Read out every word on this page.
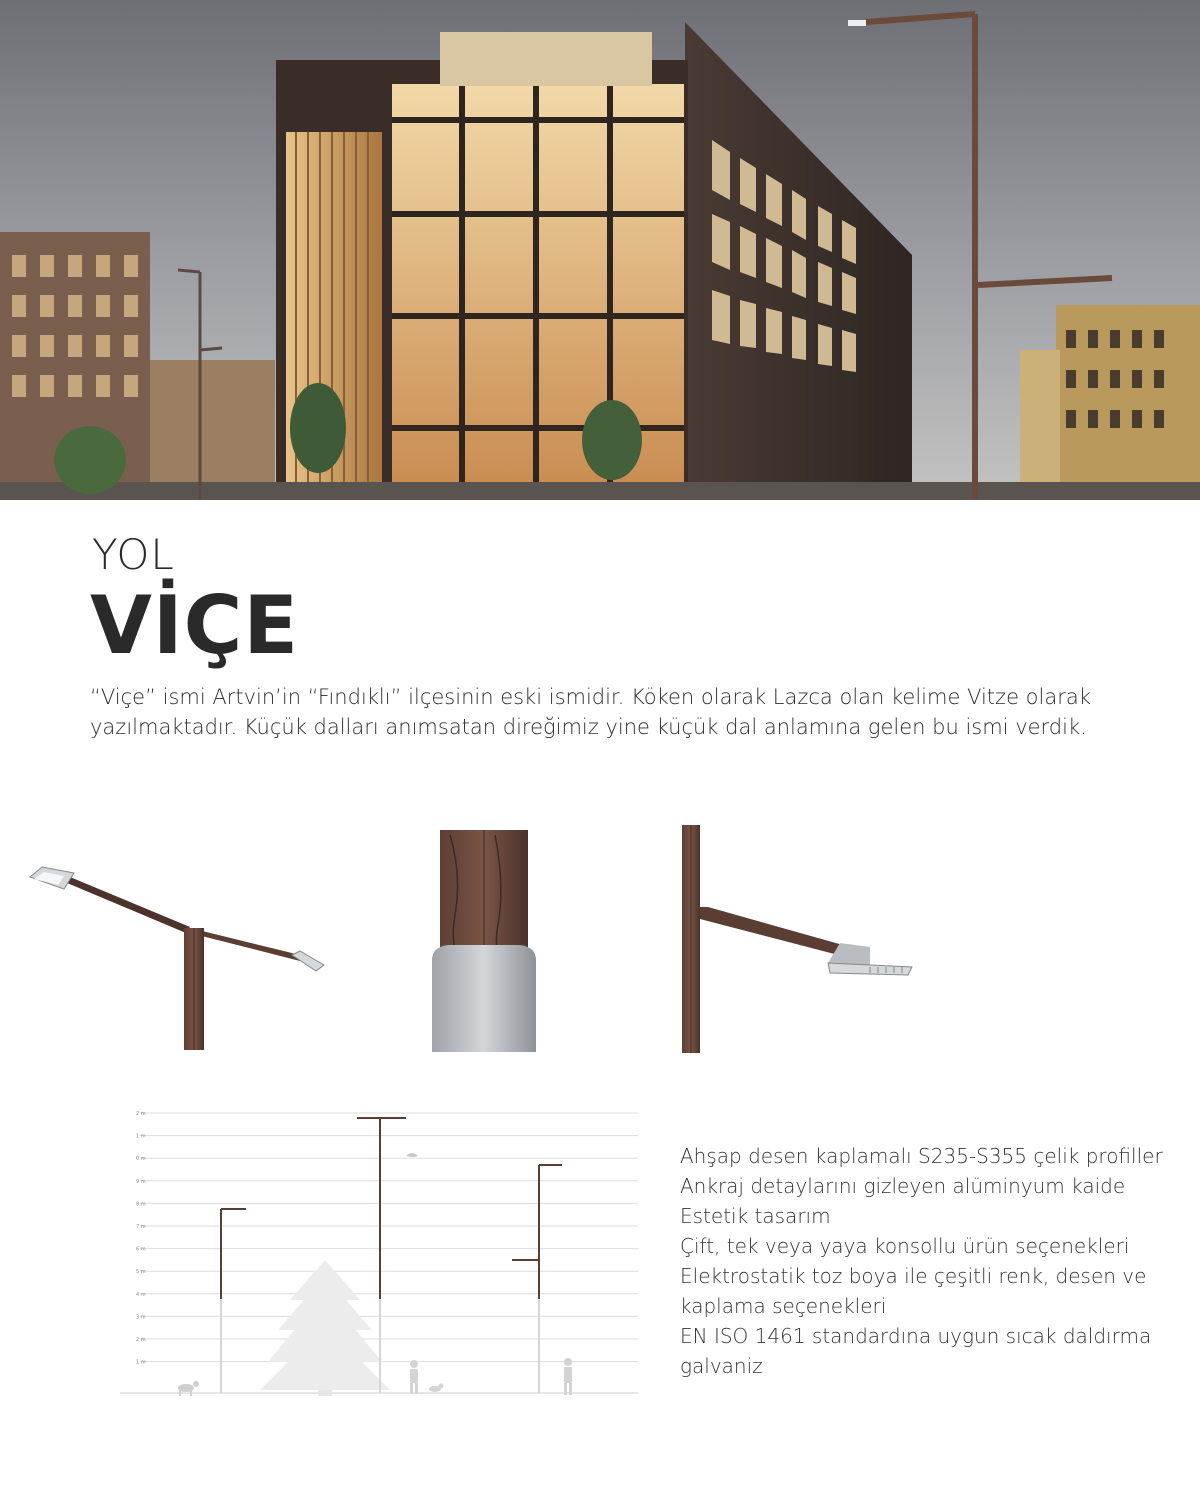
YOL
VİÇE
“Viçe” ismi Artvin’in “Fındıklı” ilçesinin eski ismidir. Köken olarak Lazca olan kelime Vitze olarak yazılmaktadır. Küçük dalları anımsatan direğimiz yine küçük dal anlamına gelen bu ismi verdik.
2 m
1 m
0 m
9 m
8 m
7 m
6 m
5 m
4 m
3 m
2 m
1 m
Ahşap desen kaplamalı S235-S355 çelik profiller
Ankraj detaylarını gizleyen alüminyum kaide
Estetik tasarım
Çift, tek veya yaya konsollu ürün seçenekleri
Elektrostatik toz boya ile çeşitli renk, desen ve kaplama seçenekleri
EN ISO 1461 standardına uygun sıcak daldırma galvaniz
